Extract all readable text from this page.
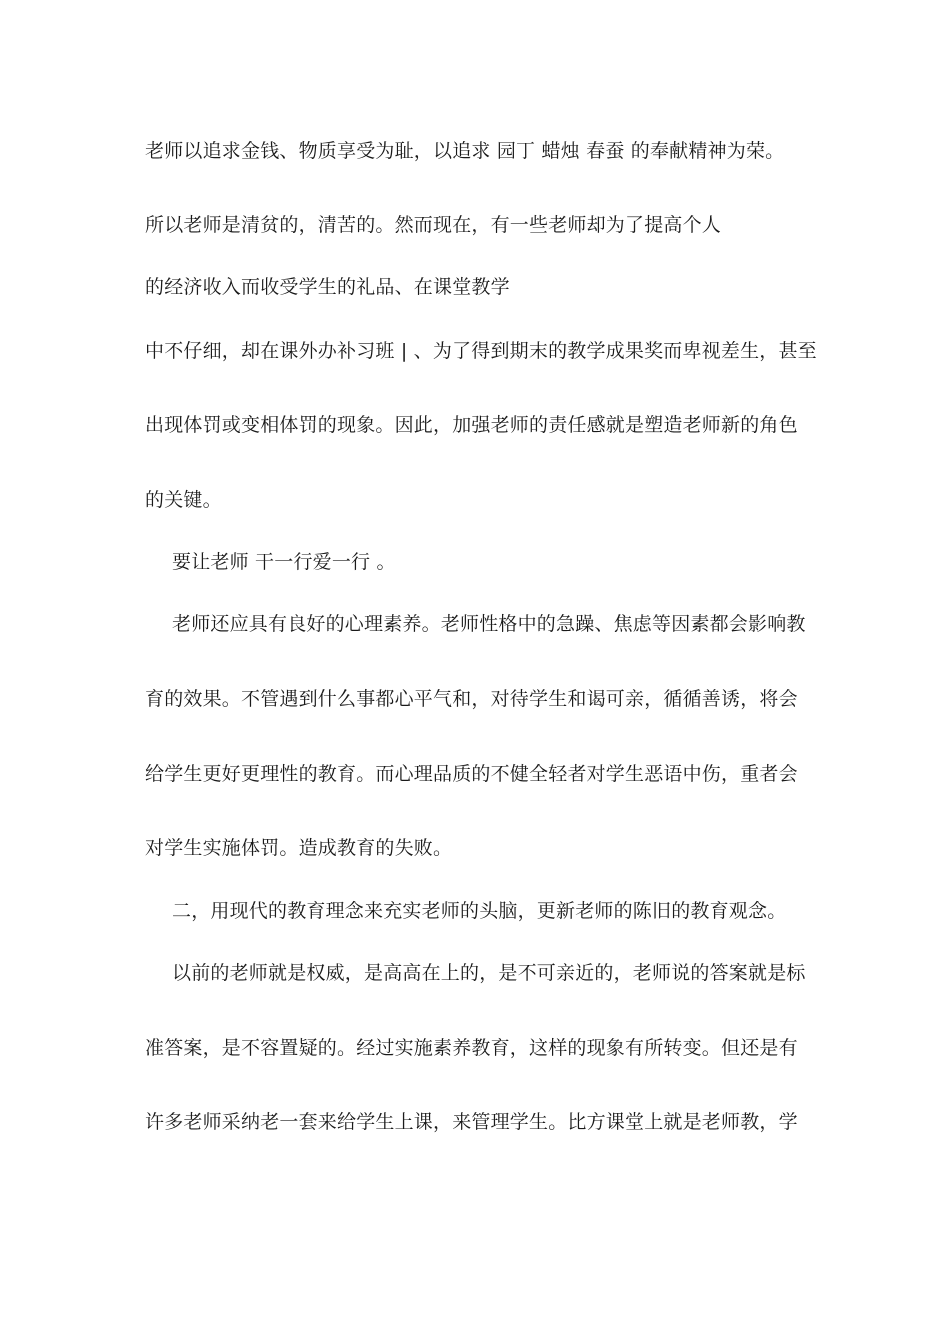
老师以追求金钱、物质享受为耻，以追求 园丁 蜡烛 春蚕 的奉献精神为荣。
所以老师是清贫的，清苦的。然而现在，有一些老师却为了提高个人
的经济收入而收受学生的礼品、在课堂教学
中不仔细，却在课外办补习班 | 、为了得到期末的教学成果奖而卑视差生，甚至
出现体罚或变相体罚的现象。因此，加强老师的责任感就是塑造老师新的角色
的关键。
要让老师 干一行爱一行 。
老师还应具有良好的心理素养。老师性格中的急躁、焦虑等因素都会影响教
育的效果。不管遇到什么事都心平气和，对待学生和谒可亲，循循善诱，将会
给学生更好更理性的教育。而心理品质的不健全轻者对学生恶语中伤，重者会
对学生实施体罚。造成教育的失败。
二，用现代的教育理念来充实老师的头脑，更新老师的陈旧的教育观念。
以前的老师就是权威，是高高在上的，是不可亲近的，老师说的答案就是标
准答案，是不容置疑的。经过实施素养教育，这样的现象有所转变。但还是有
许多老师采纳老一套来给学生上课，来管理学生。比方课堂上就是老师教，学
